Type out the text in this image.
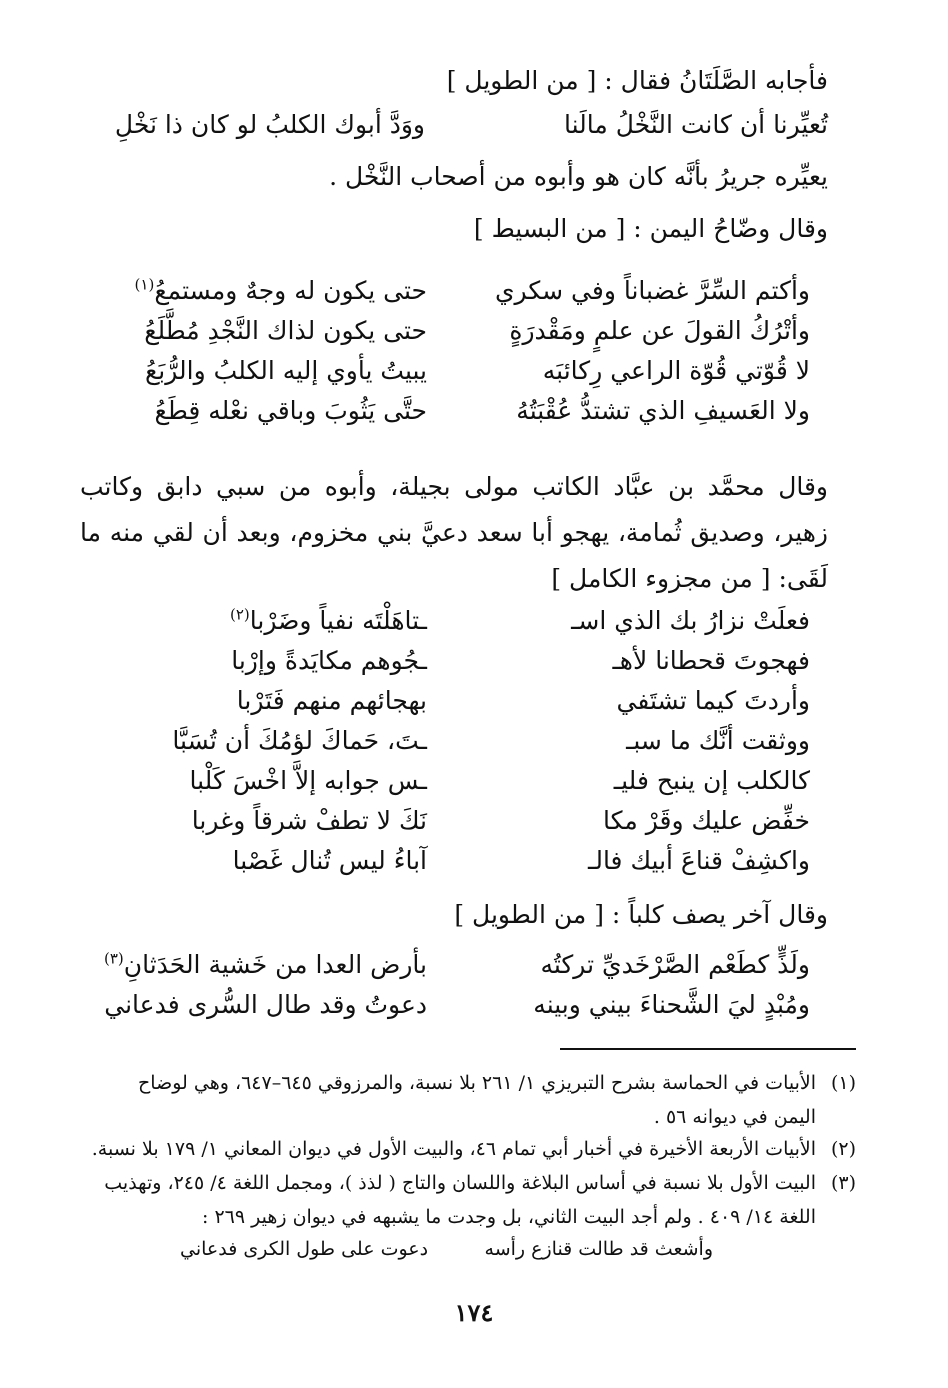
فأجابه الصَّلَتَانُ فقال : [ من الطويل ]

تُعيِّرنا أن كانت النَّخْلُ مالَنا
ووَدَّ أبوك الكلبُ لو كان ذا نَخْلِ

يعيِّره جريرُ بأنَّه كان هو وأبوه من أصحاب النَّخْل .

وقال وضّاحُ اليمن : [ من البسيط ]

وأكتم السِّرَّ غضباناً وفي سكري
حتى يكون له وجهٌ ومستمعُ$^{(١)}$
وأتْرُكُ القولَ عن علمٍ ومَقْدرَةٍ
حتى يكون لذاك النَّجْدِ مُطَّلَعُ
لا قُوّتي قُوّة الراعي رِكائبَه
يبيتُ يأوي إليه الكلبُ والرُّبَعُ
ولا العَسيفِ الذي تشتدُّ عُقْبَتُهُ
حتَّى يَثُوبَ وباقي نعْله قِطَعُ

وقال محمَّد بن عبَّاد الكاتب مولى بجيلة، وأبوه من سبي دابق وكاتب زهير، وصديق ثُمامة، يهجو أبا سعد دعيَّ بني مخزوم، وبعد أن لقي منه ما لَقَى: [ من مجزوء الكامل ]

فعلَتْ نزارُ بك الذي اسـ
ـتاهَلْتَه نفياً وضَرْبا$^{(٢)}$
فهجوتَ قحطانا لأهـ
ـجُوهم مكايَدةً وإرْبا
وأردتَ كيما تشتَفي
بهجائهم منهم فَتَرْبا
ووثقت أنَّك ما سبـ
ـتَ، حَماكَ لؤمُكَ أن تُسَبَّا
كالكلب إن ينبح فليـ
ـس جوابه إلاَّ اخْسَ كَلْبا
خفِّض عليك وقَرْ مكا
نَكَ لا تطفْ شرقاً وغربا
واكشِفْ قناعَ أبيك فالـ
آباءُ ليس تُنال غَصْبا

وقال آخر يصف كلباً : [ من الطويل ]

ولَذٍّ كطَعْم الصَّرْخَديِّ تركتُه
بأرض العدا من خَشية الحَدَثانِ$^{(٣)}$
ومُبْدٍ ليَ الشَّحناءَ بيني وبينه
دعوتُ وقد طال السُّرى فدعاني

(١)الأبيات في الحماسة بشرح التبريزي ١/ ٢٦١ بلا نسبة، والمرزوقي ٦٤٥–٦٤٧، وهي لوضاح
اليمن في ديوانه ٥٦ .

(٢)الأبيات الأربعة الأخيرة في أخبار أبي تمام ٤٦، والبيت الأول في ديوان المعاني ١/ ١٧٩ بلا نسبة.

(٣)البيت الأول بلا نسبة في أساس البلاغة واللسان والتاج ( لذذ )، ومجمل اللغة ٤/ ٢٤٥، وتهذيب
اللغة ١٤/ ٤٠٩ . ولم أجد البيت الثاني، بل وجدت ما يشبهه في ديوان زهير ٢٦٩ :

وأشعث قد طالت قنازع رأسه
دعوت على طول الكرى فدعاني
١٧٤
